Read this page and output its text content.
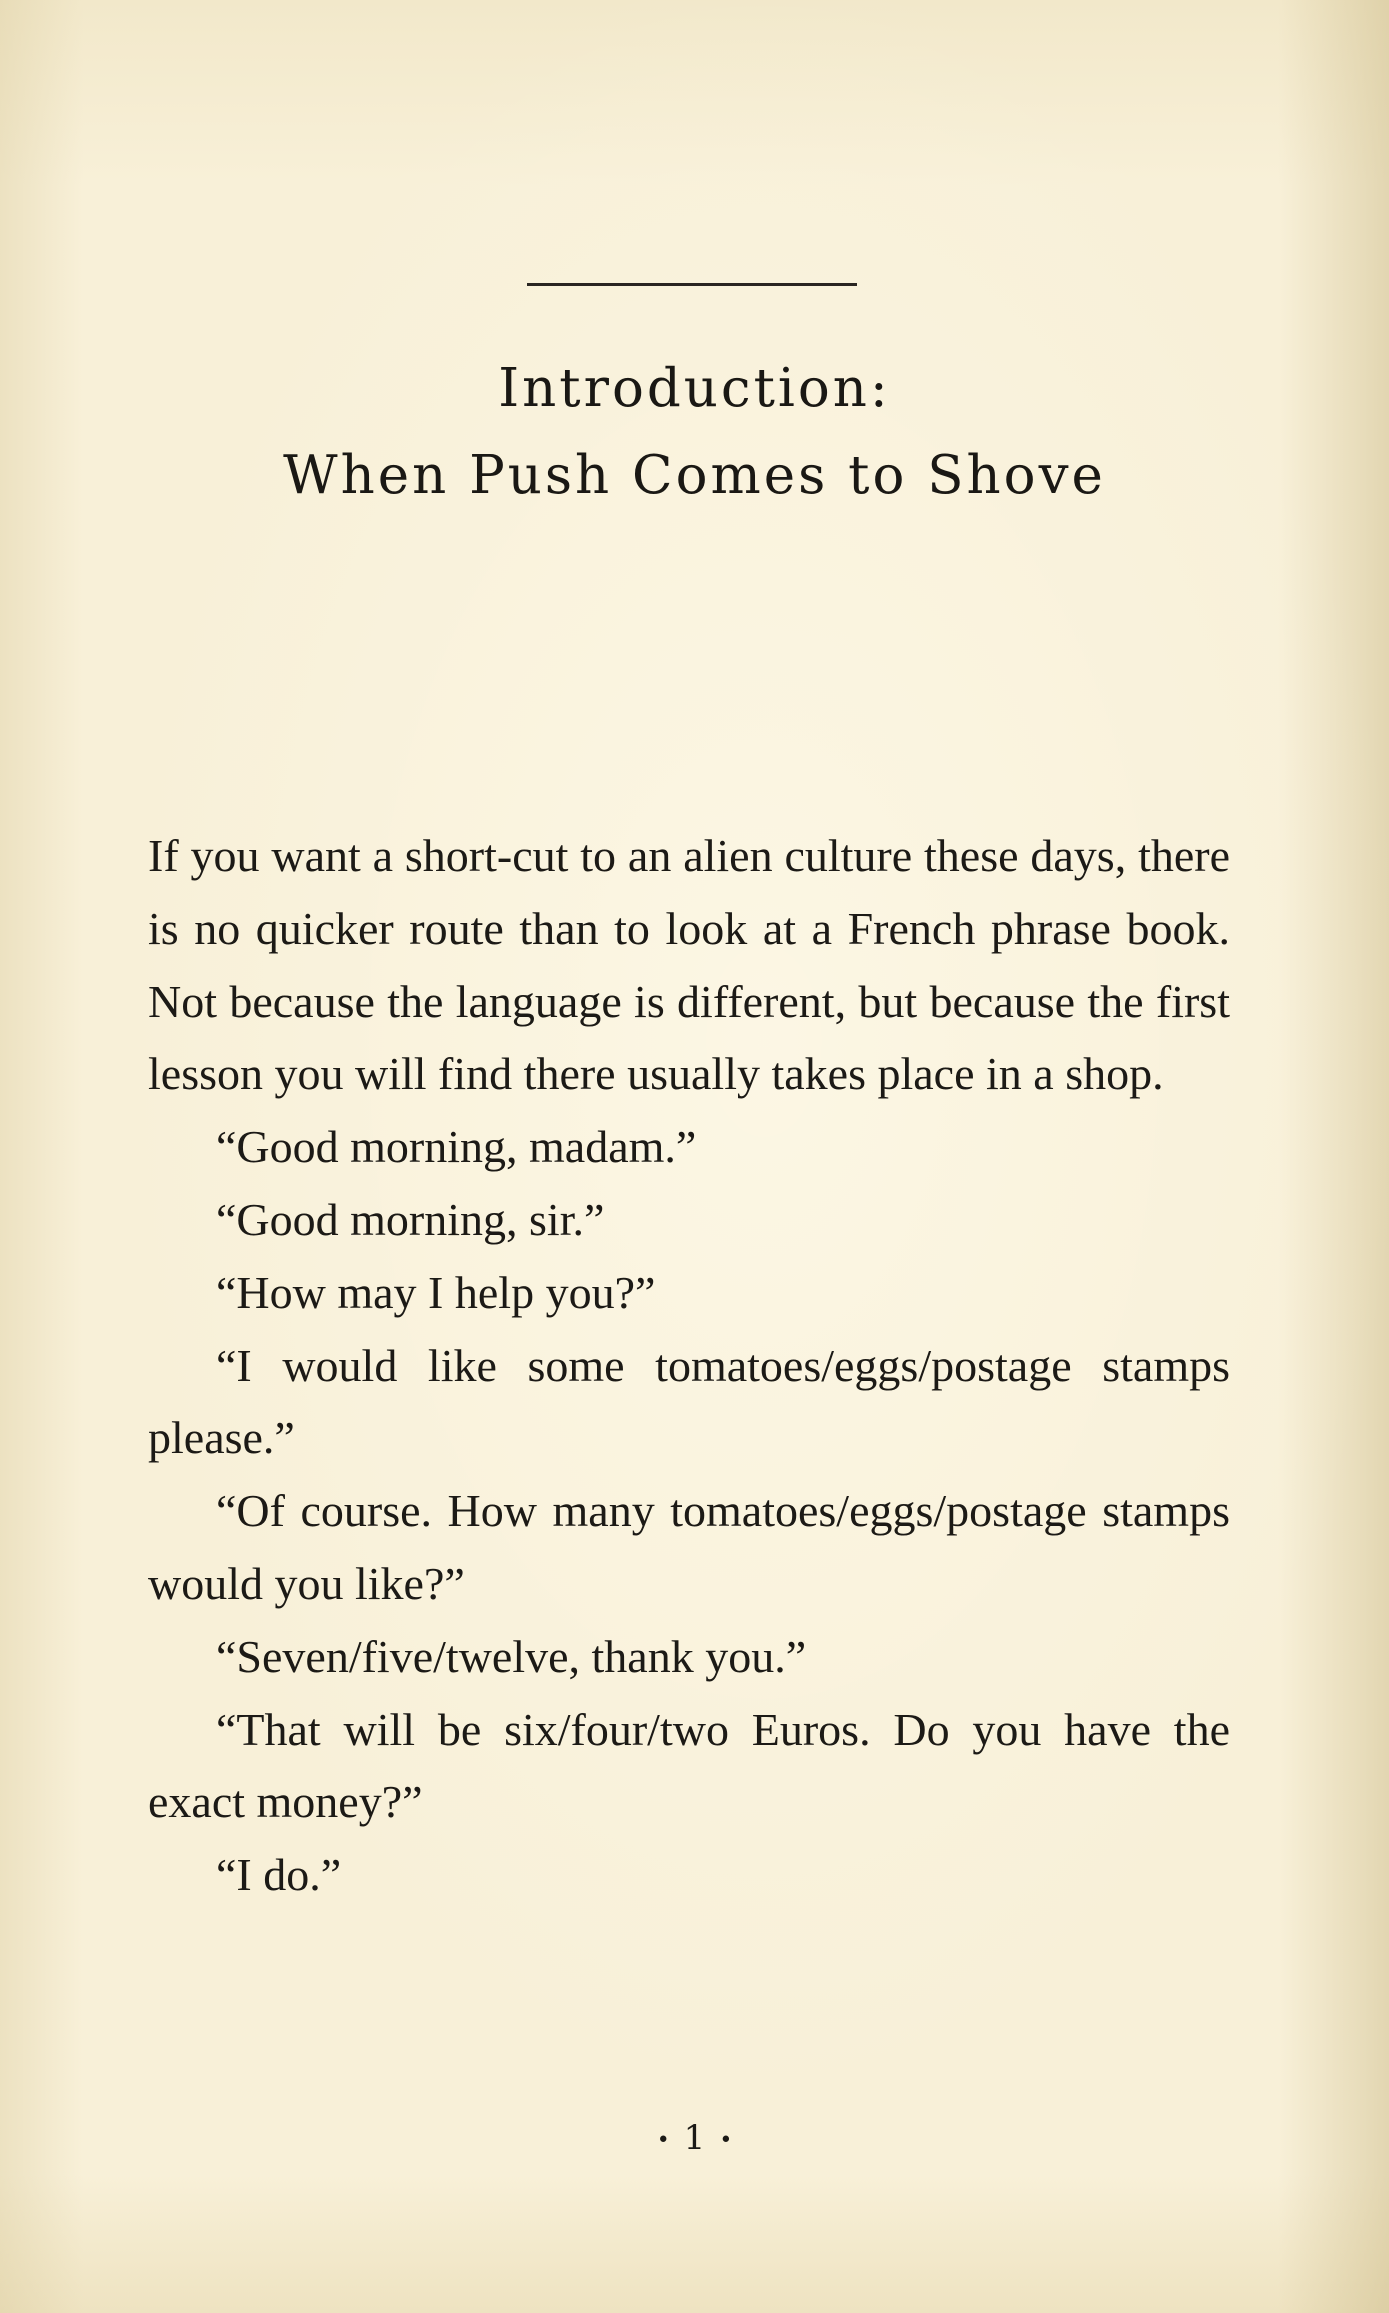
Introduction:
When Push Comes to Shove

If you want a short-cut to an alien culture these days, there is no quicker route than to look at a French phrase book. Not because the language is different, but because the first lesson you will find there usually takes place in a shop.

“Good morning, madam.”

“Good morning, sir.”

“How may I help you?”

“I would like some tomatoes/eggs/postage stamps please.”

“Of course. How many tomatoes/eggs/postage stamps would you like?”

“Seven/five/twelve, thank you.”

“That will be six/four/two Euros. Do you have the exact money?”

“I do.”

• 1 •
